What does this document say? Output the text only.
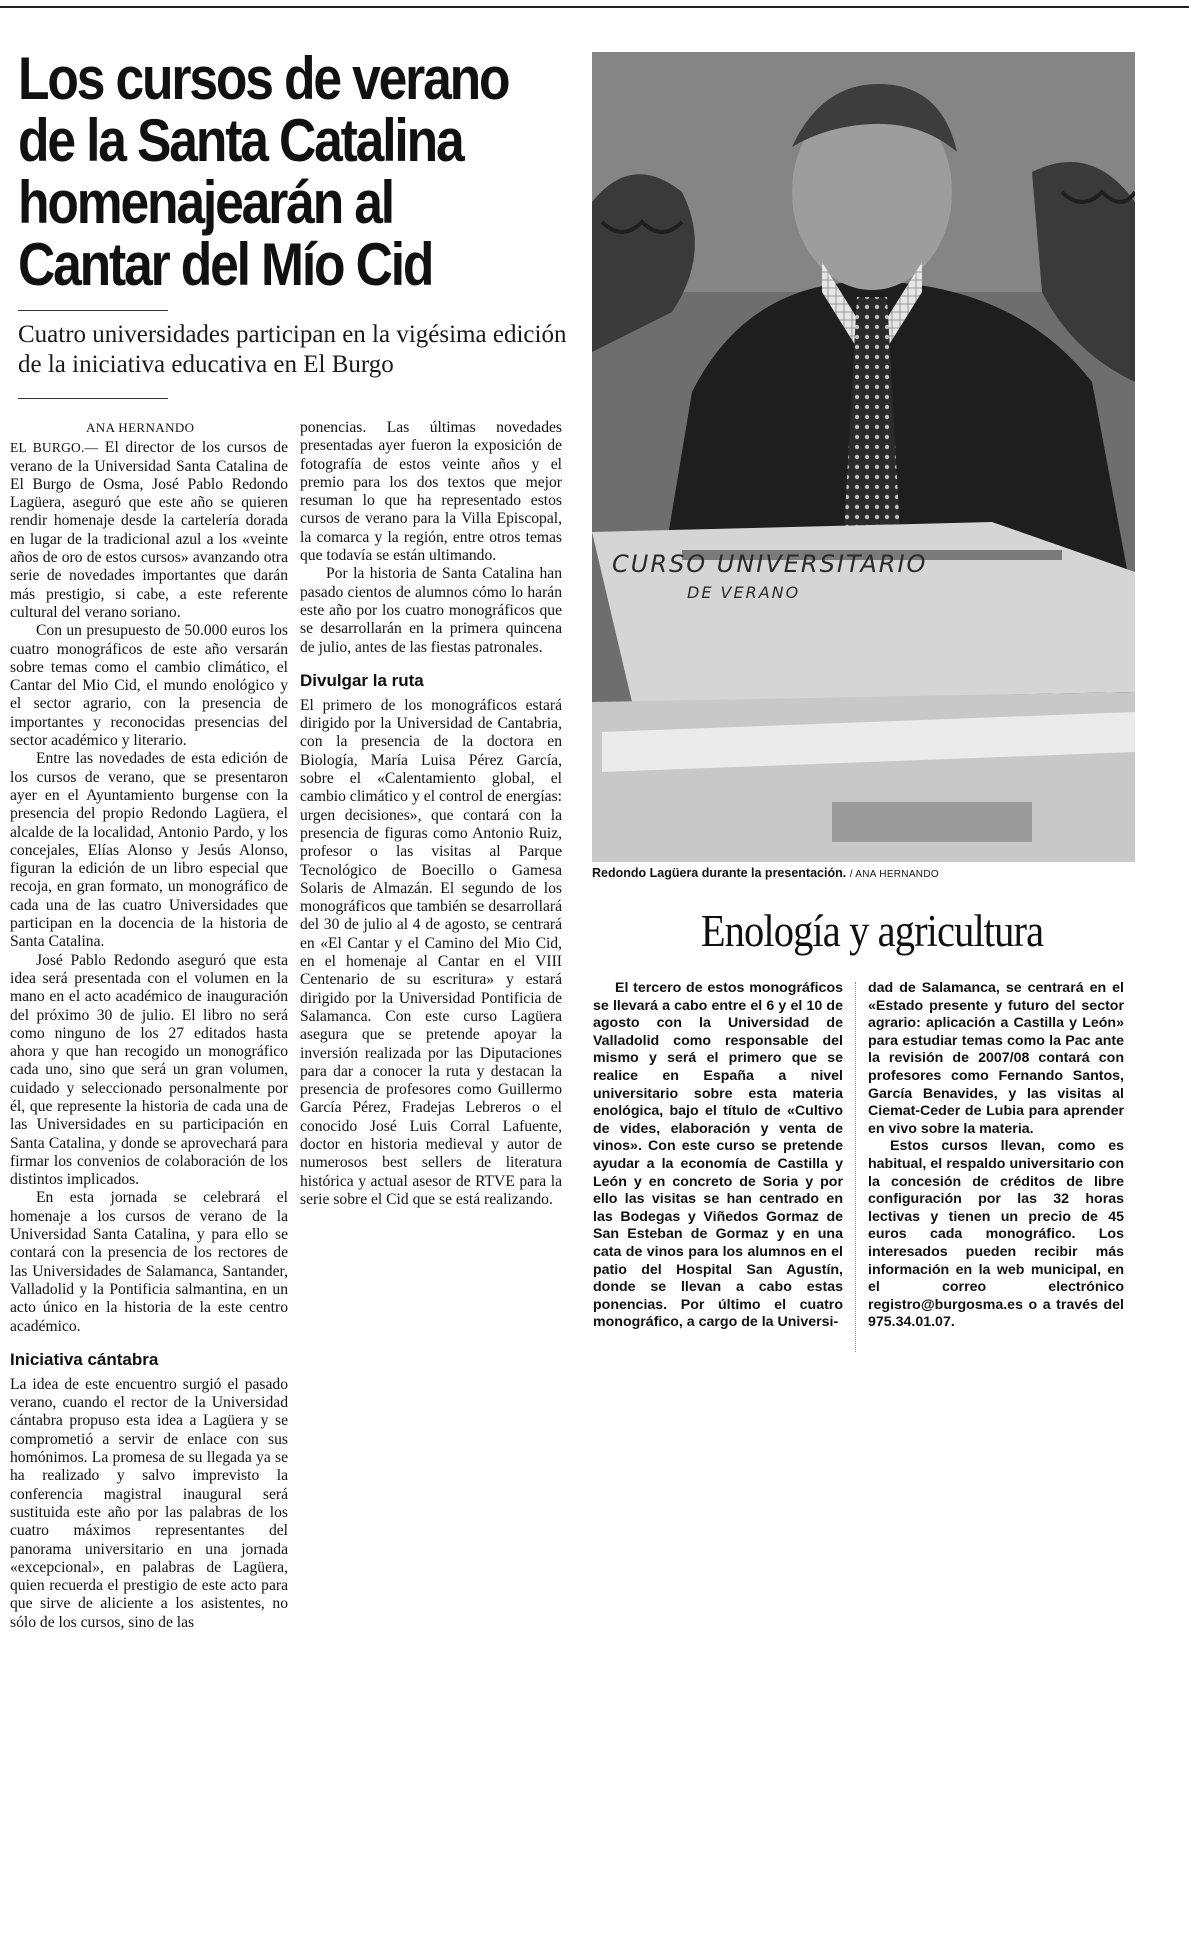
Los cursos de verano
de la Santa Catalina
homenajearán al
Cantar del Mío Cid
Cuatro universidades participan en la vigésima edición de la iniciativa educativa en El Burgo

ANA HERNANDO

EL BURGO.— El director de los cursos de verano de la Universidad Santa Catalina de El Burgo de Osma, José Pablo Redondo Lagüera, aseguró que este año se quieren rendir homenaje desde la cartelería dorada en lugar de la tradicional azul a los «veinte años de oro de estos cursos» avanzando otra serie de novedades importantes que darán más prestigio, si cabe, a este referente cultural del verano soriano.

Con un presupuesto de 50.000 euros los cuatro monográficos de este año versarán sobre temas como el cambio climático, el Cantar del Mio Cid, el mundo enológico y el sector agrario, con la presencia de importantes y reconocidas presencias del sector académico y literario.

Entre las novedades de esta edición de los cursos de verano, que se presentaron ayer en el Ayuntamiento burgense con la presencia del propio Redondo Lagüera, el alcalde de la localidad, Antonio Pardo, y los concejales, Elías Alonso y Jesús Alonso, figuran la edición de un libro especial que recoja, en gran formato, un monográfico de cada una de las cuatro Universidades que participan en la docencia de la historia de Santa Catalina.

José Pablo Redondo aseguró que esta idea será presentada con el volumen en la mano en el acto académico de inauguración del próximo 30 de julio. El libro no será como ninguno de los 27 editados hasta ahora y que han recogido un monográfico cada uno, sino que será un gran volumen, cuidado y seleccionado personalmente por él, que represente la historia de cada una de las Universidades en su participación en Santa Catalina, y donde se aprovechará para firmar los convenios de colaboración de los distintos implicados.

En esta jornada se celebrará el homenaje a los cursos de verano de la Universidad Santa Catalina, y para ello se contará con la presencia de los rectores de las Universidades de Salamanca, Santander, Valladolid y la Pontificia salmantina, en un acto único en la historia de la este centro académico.

Iniciativa cántabra

La idea de este encuentro surgió el pasado verano, cuando el rector de la Universidad cántabra propuso esta idea a Lagüera y se comprometió a servir de enlace con sus homónimos. La promesa de su llegada ya se ha realizado y salvo imprevisto la conferencia magistral inaugural será sustituida este año por las palabras de los cuatro máximos representantes del panorama universitario en una jornada «excepcional», en palabras de Lagüera, quien recuerda el prestigio de este acto para que sirve de aliciente a los asistentes, no sólo de los cursos, sino de las

ponencias. Las últimas novedades presentadas ayer fueron la exposición de fotografía de estos veinte años y el premio para los dos textos que mejor resuman lo que ha representado estos cursos de verano para la Villa Episcopal, la comarca y la región, entre otros temas que todavía se están ultimando.

Por la historia de Santa Catalina han pasado cientos de alumnos cómo lo harán este año por los cuatro monográficos que se desarrollarán en la primera quincena de julio, antes de las fiestas patronales.

Divulgar la ruta

El primero de los monográficos estará dirigido por la Universidad de Cantabria, con la presencia de la doctora en Biología, María Luisa Pérez García, sobre el «Calentamiento global, el cambio climático y el control de energías: urgen decisiones», que contará con la presencia de figuras como Antonio Ruiz, profesor o las visitas al Parque Tecnológico de Boecillo o Gamesa Solaris de Almazán. El segundo de los monográficos que también se desarrollará del 30 de julio al 4 de agosto, se centrará en «El Cantar y el Camino del Mio Cid, en el homenaje al Cantar en el VIII Centenario de su escritura» y estará dirigido por la Universidad Pontificia de Salamanca. Con este curso Lagüera asegura que se pretende apoyar la inversión realizada por las Diputaciones para dar a conocer la ruta y destacan la presencia de profesores como Guillermo García Pérez, Fradejas Lebreros o el conocido José Luis Corral Lafuente, doctor en historia medieval y autor de numerosos best sellers de literatura histórica y actual asesor de RTVE para la serie sobre el Cid que se está realizando.

CURSO UNIVERSITARIO
DE VERANO
Redondo Lagüera durante la presentación. / ANA HERNANDO
Enología y agricultura

El tercero de estos monográficos se llevará a cabo entre el 6 y el 10 de agosto con la Universidad de Valladolid como responsable del mismo y será el primero que se realice en España a nivel universitario sobre esta materia enológica, bajo el título de «Cultivo de vides, elaboración y venta de vinos». Con este curso se pretende ayudar a la economía de Castilla y León y en concreto de Soria y por ello las visitas se han centrado en las Bodegas y Viñedos Gormaz de San Esteban de Gormaz y en una cata de vinos para los alumnos en el patio del Hospital San Agustín, donde se llevan a cabo estas ponencias. Por último el cuatro monográfico, a cargo de la Universi-

dad de Salamanca, se centrará en el «Estado presente y futuro del sector agrario: aplicación a Castilla y León» para estudiar temas como la Pac ante la revisión de 2007/08 contará con profesores como Fernando Santos, García Benavides, y las visitas al Ciemat-Ceder de Lubia para aprender en vivo sobre la materia.

Estos cursos llevan, como es habitual, el respaldo universitario con la concesión de créditos de libre configuración por las 32 horas lectivas y tienen un precio de 45 euros cada monográfico. Los interesados pueden recibir más información en la web municipal, en el correo electrónico registro@burgosma.es o a través del 975.34.01.07.
